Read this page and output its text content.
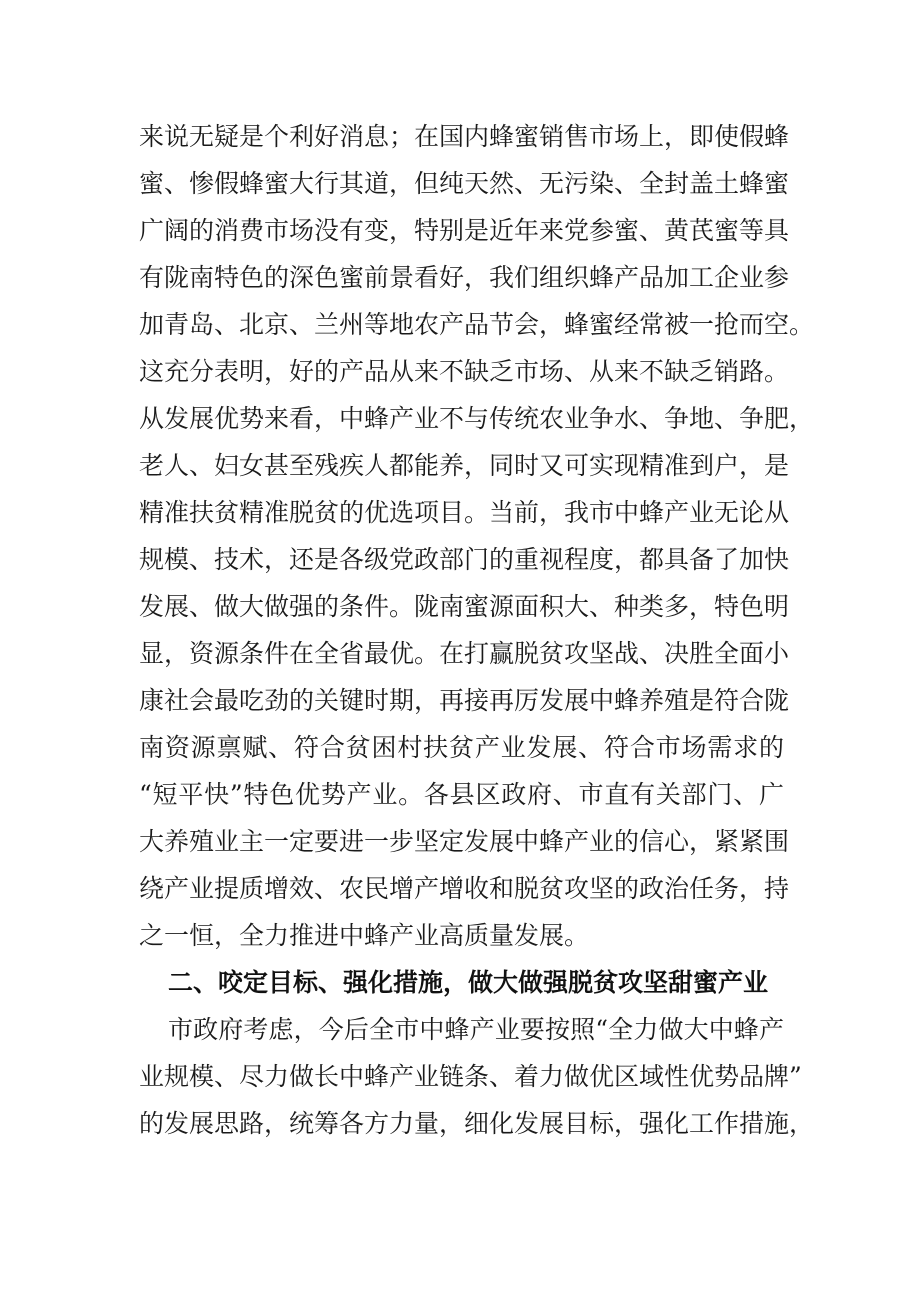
来说无疑是个利好消息；在国内蜂蜜销售市场上，即使假蜂
蜜、惨假蜂蜜大行其道，但纯天然、无污染、全封盖土蜂蜜
广阔的消费市场没有变，特别是近年来党参蜜、黄芪蜜等具
有陇南特色的深色蜜前景看好，我们组织蜂产品加工企业参
加青岛、北京、兰州等地农产品节会，蜂蜜经常被一抢而空。
这充分表明，好的产品从来不缺乏市场、从来不缺乏销路。
从发展优势来看，中蜂产业不与传统农业争水、争地、争肥，
老人、妇女甚至残疾人都能养，同时又可实现精准到户，是
精准扶贫精准脱贫的优选项目。当前，我市中蜂产业无论从
规模、技术，还是各级党政部门的重视程度，都具备了加快
发展、做大做强的条件。陇南蜜源面积大、种类多，特色明
显，资源条件在全省最优。在打赢脱贫攻坚战、决胜全面小
康社会最吃劲的关键时期，再接再厉发展中蜂养殖是符合陇
南资源禀赋、符合贫困村扶贫产业发展、符合市场需求的
“短平快”特色优势产业。各县区政府、市直有关部门、广
大养殖业主一定要进一步坚定发展中蜂产业的信心，紧紧围
绕产业提质增效、农民增产增收和脱贫攻坚的政治任务，持
之一恒，全力推进中蜂产业高质量发展。
二、咬定目标、强化措施，做大做强脱贫攻坚甜蜜产业
市政府考虑，今后全市中蜂产业要按照“全力做大中蜂产
业规模、尽力做长中蜂产业链条、着力做优区域性优势品牌”
的发展思路，统筹各方力量，细化发展目标，强化工作措施，
